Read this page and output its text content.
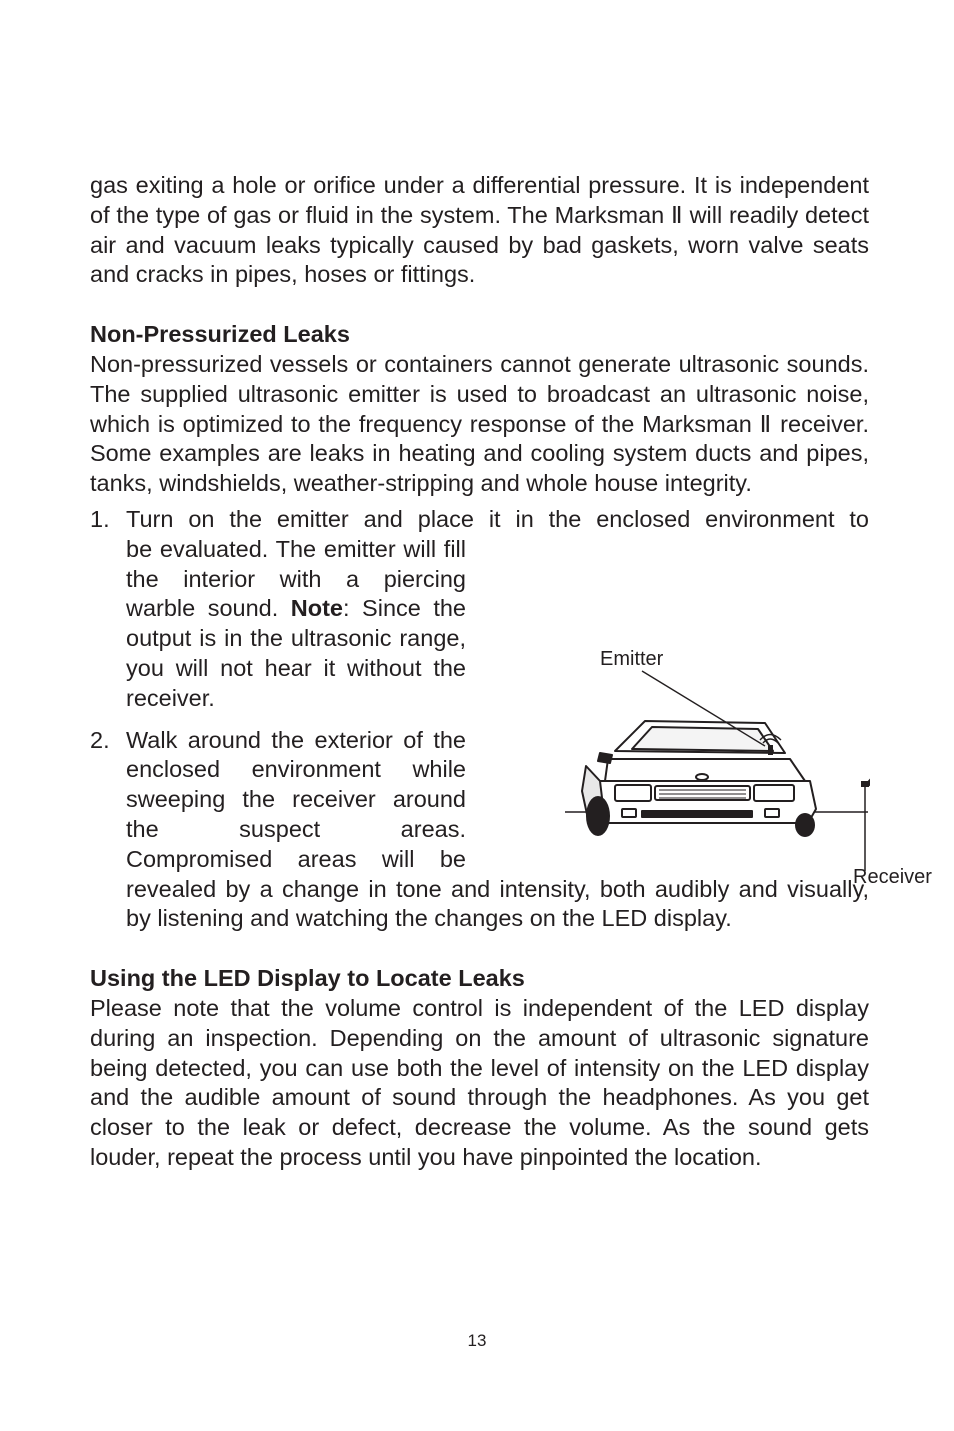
gas exiting a hole or orifice under a differential pressure. It is independent of the type of gas or fluid in the system. The Marksman Ⅱ will readily detect air and vacuum leaks typically caused by bad gaskets, worn valve seats and cracks in pipes, hoses or fittings.

Non-Pressurized Leaks

Non-pressurized vessels or containers cannot generate ultrasonic sounds. The supplied ultrasonic emitter is used to broadcast an ultrasonic noise, which is optimized to the frequency response of the Marksman Ⅱ receiver. Some examples are leaks in heating and cooling system ducts and pipes, tanks, windshields, weather-stripping and whole house integrity.

1. Turn on the emitter and place it in the enclosed environment to

be evaluated. The emitter will fill the interior with a piercing warble sound. Note: Since the output is in the ultrasonic range, you will not hear it without the receiver.

2. Walk around the exterior of the enclosed environment while sweeping the receiver around the suspect areas. Compromised areas will be

revealed by a change in tone and intensity, both audibly and visually, by listening and watching the changes on the LED display.

Using the LED Display to Locate Leaks

Please note that the volume control is independent of the LED display during an inspection. Depending on the amount of ultrasonic signature being detected, you can use both the level of intensity on the LED display and the audible amount of sound through the headphones. As you get closer to the leak or defect, decrease the volume. As the sound gets louder, repeat the process until you have pinpointed the location.

Emitter
Receiver
13
